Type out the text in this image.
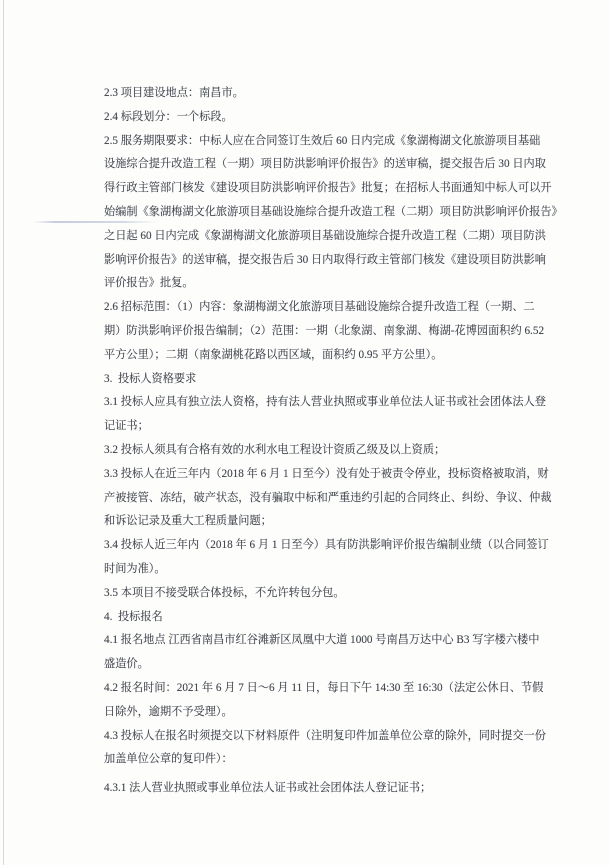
2.3 项目建设地点：南昌市。
2.4 标段划分：一个标段。
2.5 服务期限要求：中标人应在合同签订生效后 60 日内完成《象湖梅湖文化旅游项目基础
设施综合提升改造工程（一期）项目防洪影响评价报告》的送审稿，提交报告后 30 日内取
得行政主管部门核发《建设项目防洪影响评价报告》批复；在招标人书面通知中标人可以开
始编制《象湖梅湖文化旅游项目基础设施综合提升改造工程（二期）项目防洪影响评价报告》
之日起 60 日内完成《象湖梅湖文化旅游项目基础设施综合提升改造工程（二期）项目防洪
影响评价报告》的送审稿，提交报告后 30 日内取得行政主管部门核发《建设项目防洪影响
评价报告》批复。
2.6 招标范围：（1）内容：象湖梅湖文化旅游项目基础设施综合提升改造工程（一期、二
期）防洪影响评价报告编制；（2）范围：一期（北象湖、南象湖、梅湖-花博园面积约 6.52
平方公里）；二期（南象湖桃花路以西区域，面积约 0.95 平方公里）。
3.  投标人资格要求
3.1 投标人应具有独立法人资格，持有法人营业执照或事业单位法人证书或社会团体法人登
记证书；
3.2 投标人须具有合格有效的水利水电工程设计资质乙级及以上资质；
3.3 投标人在近三年内（2018 年 6 月 1 日至今）没有处于被责令停业，投标资格被取消，财
产被接管、冻结，破产状态，没有骗取中标和严重违约引起的合同终止、纠纷、争议、仲裁
和诉讼记录及重大工程质量问题；
3.4 投标人近三年内（2018 年 6 月 1 日至今）具有防洪影响评价报告编制业绩（以合同签订
时间为准）。
3.5 本项目不接受联合体投标，不允许转包分包。
4.  投标报名
4.1 报名地点 江西省南昌市红谷滩新区凤凰中大道 1000 号南昌万达中心 B3 写字楼六楼中
盛造价。
4.2 报名时间：2021 年 6 月 7 日～6 月 11 日，每日下午 14:30 至 16:30（法定公休日、节假
日除外，逾期不予受理）。
4.3 投标人在报名时须提交以下材料原件（注明复印件加盖单位公章的除外，同时提交一份
加盖单位公章的复印件）：
4.3.1 法人营业执照或事业单位法人证书或社会团体法人登记证书；
